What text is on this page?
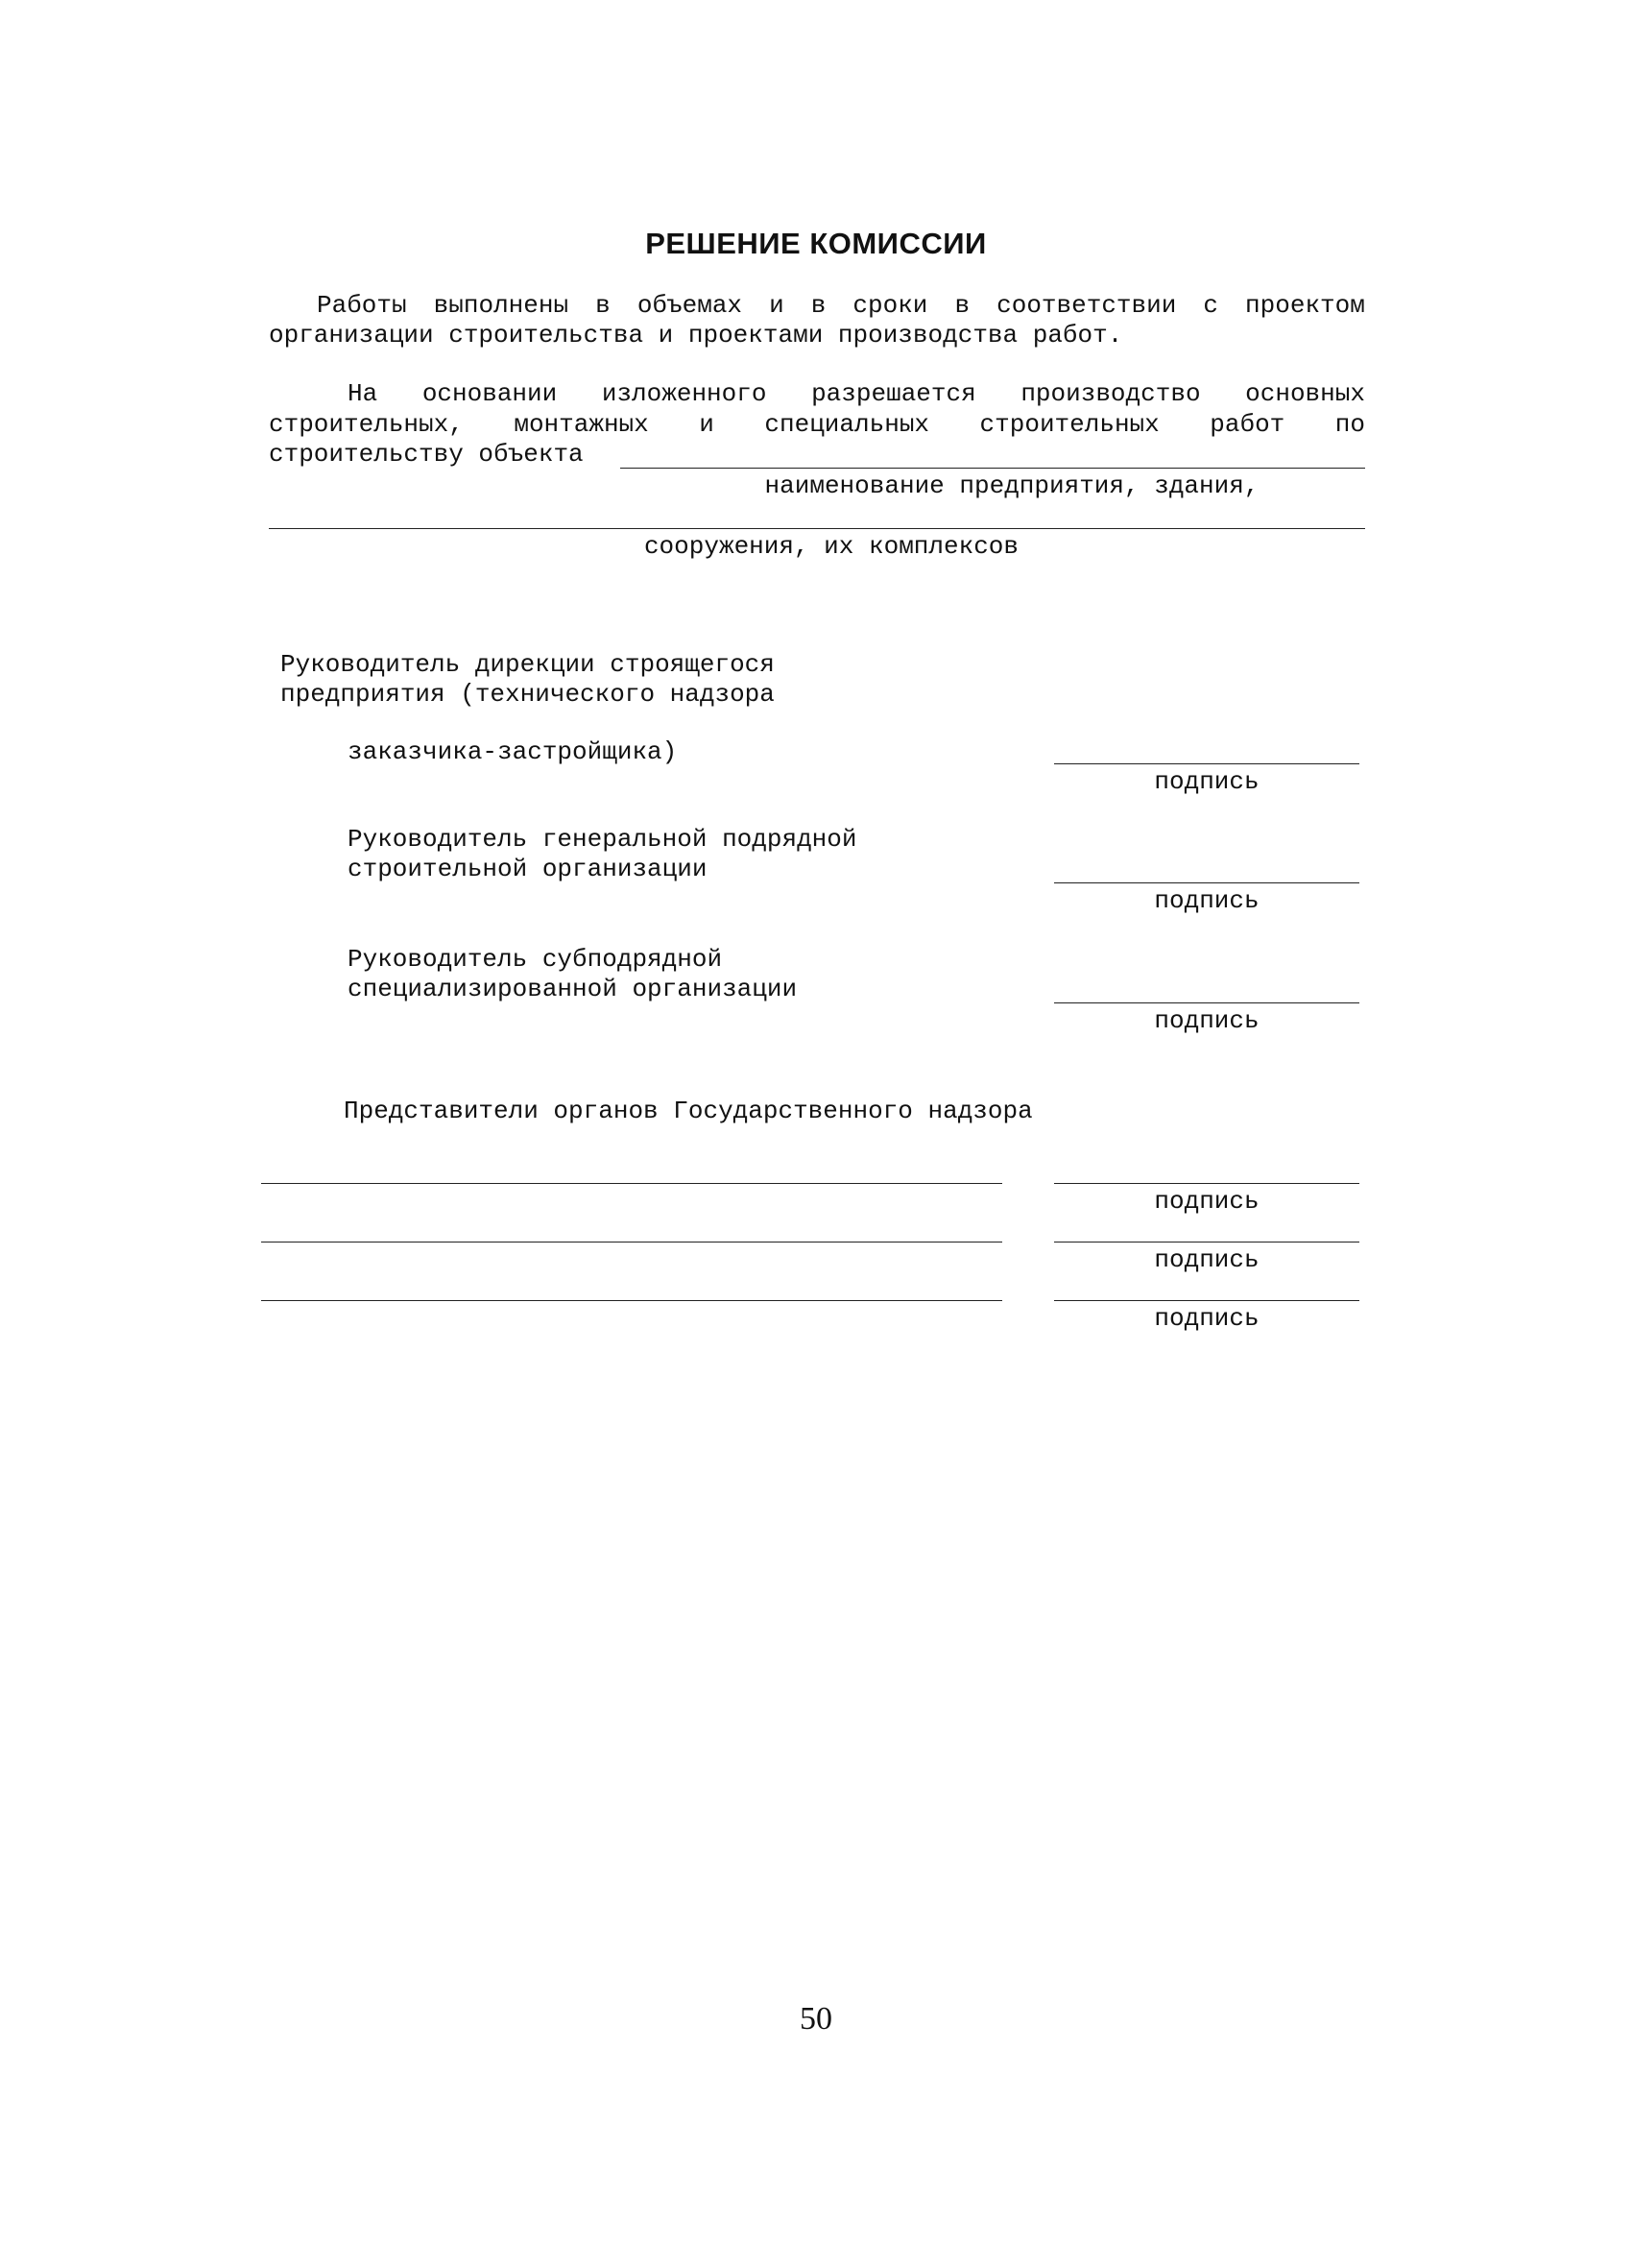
РЕШЕНИЕ КОМИССИИ
Работы выполнены в объемах и в сроки в соответствии с проектом
организации строительства и проектами производства работ.
На основании изложенного разрешается производство основных
строительных, монтажных и специальных строительных работ по
строительству объекта
наименование предприятия, здания,
сооружения, их комплексов
Руководитель дирекции строящегося
предприятия (технического надзора
заказчика-застройщика)
подпись
Руководитель генеральной подрядной
строительной организации
подпись
Руководитель субподрядной
специализированной организации
подпись
Представители органов Государственного надзора
подпись
подпись
подпись
50
